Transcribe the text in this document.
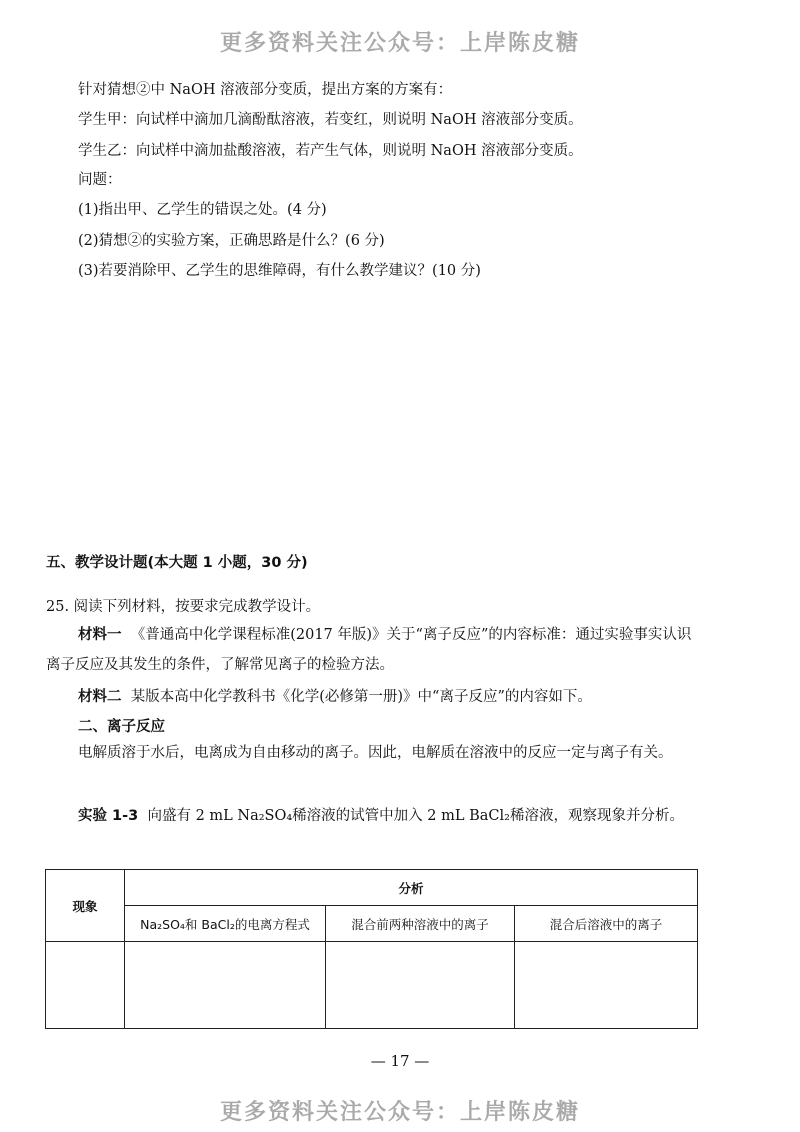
更多资料关注公众号：上岸陈皮糖
针对猜想②中 NaOH 溶液部分变质，提出方案的方案有：
学生甲：向试样中滴加几滴酚酞溶液，若变红，则说明 NaOH 溶液部分变质。
学生乙：向试样中滴加盐酸溶液，若产生气体，则说明 NaOH 溶液部分变质。
问题：
(1)指出甲、乙学生的错误之处。(4 分)
(2)猜想②的实验方案，正确思路是什么？(6 分)
(3)若要消除甲、乙学生的思维障碍，有什么教学建议？(10 分)
五、教学设计题(本大题 1 小题，30 分)
25. 阅读下列材料，按要求完成教学设计。
材料一 《普通高中化学课程标准(2017 年版)》关于“离子反应”的内容标准：通过实验事实认识离子反应及其发生的条件，了解常见离子的检验方法。
材料二 某版本高中化学教科书《化学(必修第一册)》中“离子反应”的内容如下。
二、离子反应
电解质溶于水后，电离成为自由移动的离子。因此，电解质在溶液中的反应一定与离子有关。
实验 1-3 向盛有 2 mL Na₂SO₄稀溶液的试管中加入 2 mL BaCl₂稀溶液，观察现象并分析。
现象	分析		
	Na₂SO₄和 BaCl₂的电离方程式	混合前两种溶液中的离子	混合后溶液中的离子

— 17 —
更多资料关注公众号：上岸陈皮糖
